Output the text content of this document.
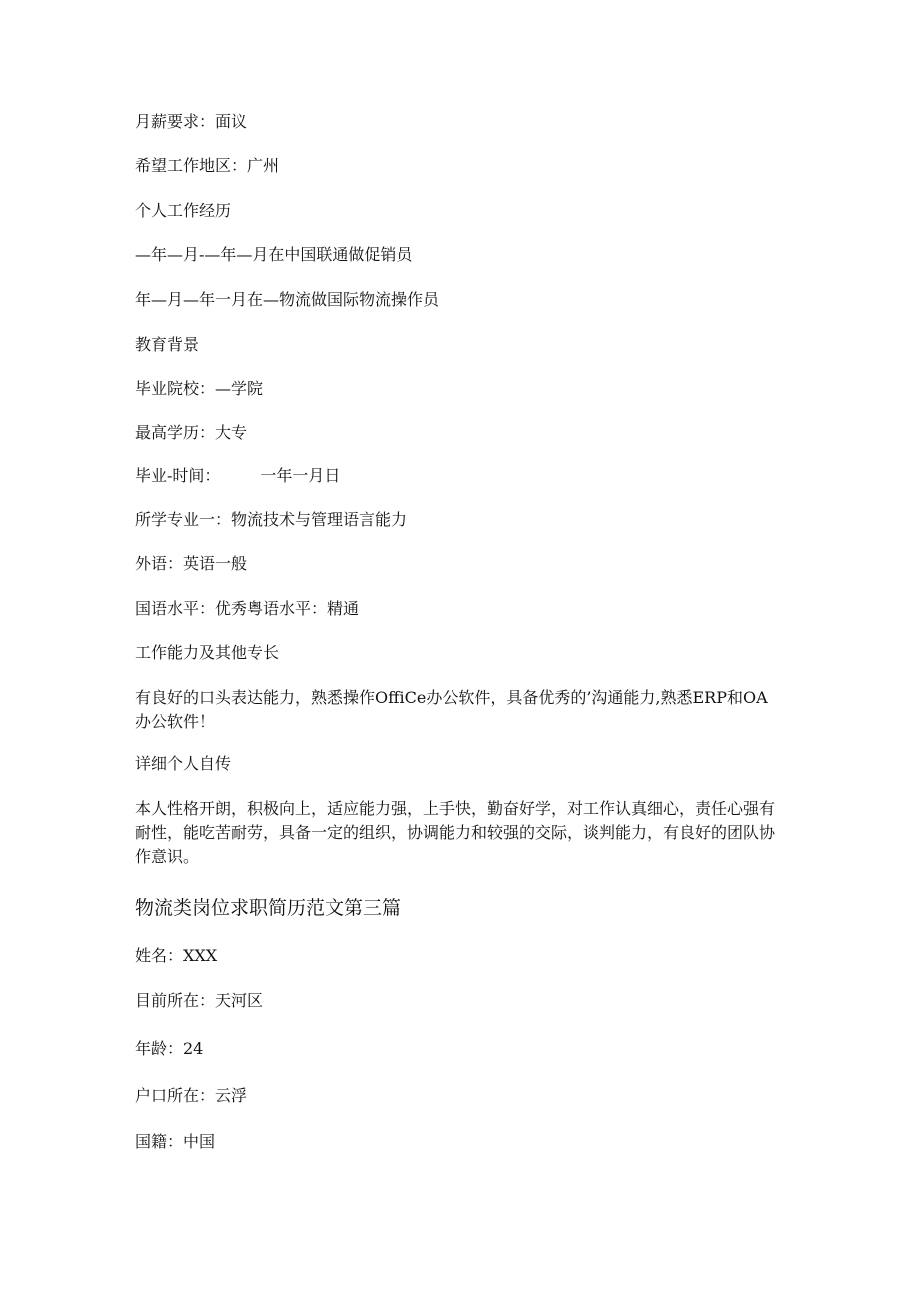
月薪要求：面议

希望工作地区：广州

个人工作经历

—年—月-—年—月在中国联通做促销员

年—月—年一月在—物流做国际物流操作员

教育背景

毕业院校：—学院

最高学历：大专

毕业-时间：	一年一月日

所学专业一：物流技术与管理语言能力

外语：英语一般

国语水平：优秀粤语水平：精通

工作能力及其他专长

有良好的口头表达能力，熟悉操作OffiCe办公软件，具备优秀的’沟通能力,熟悉ERP和OA办公软件！

详细个人自传

本人性格开朗，积极向上，适应能力强，上手快，勤奋好学，对工作认真细心，责任心强有耐性，能吃苦耐劳，具备一定的组织，协调能力和较强的交际，谈判能力，有良好的团队协作意识。

物流类岗位求职简历范文第三篇

姓名：XXX

目前所在：天河区

年龄：24

户口所在：云浮

国籍：中国
